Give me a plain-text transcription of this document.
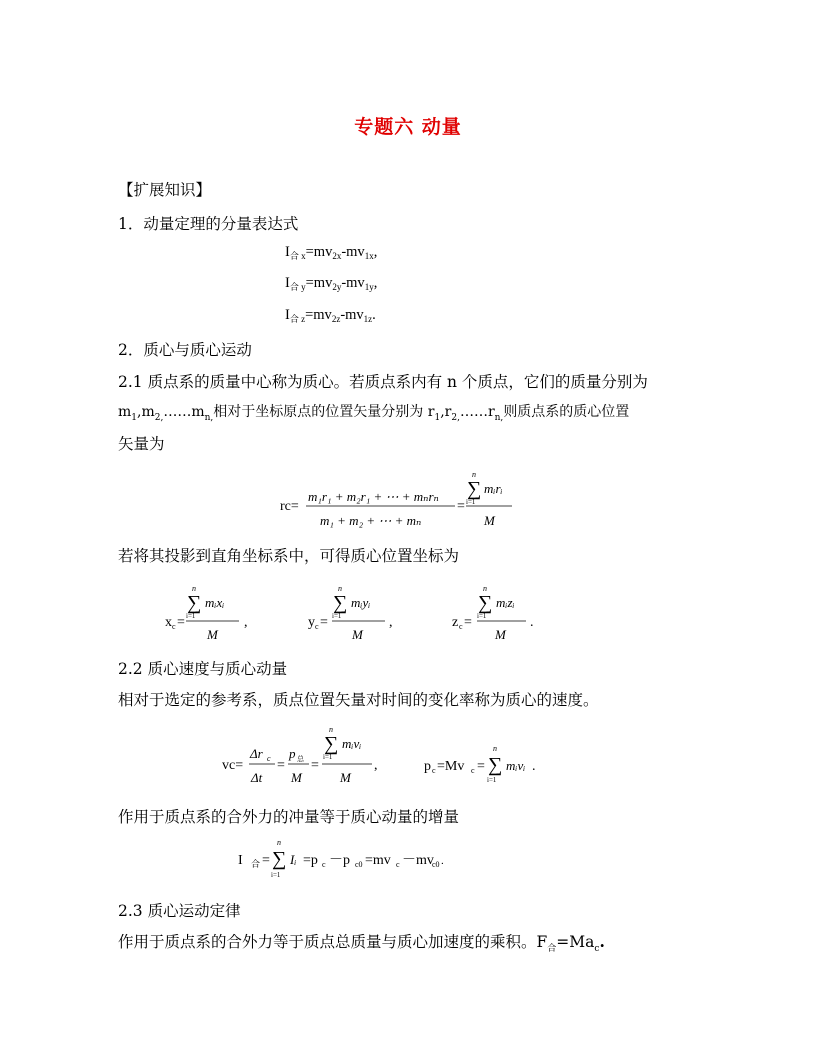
专题六 动量
【扩展知识】
1．动量定理的分量表达式
$I_{合 x}=mv_{2x}-mv_{1x}$,
$I_{合 y}=mv_{2y}-mv_{1y}$,
$I_{合 z}=mv_{2z}-mv_{1z}$.
2．质心与质心运动
2.1 质点系的质量中心称为质心。若质点系内有 n 个质点，它们的质量分别为
$m_1,m_{2,}\dots\dots m_{n,}$相对于坐标原点的位置矢量分别为 $r_1,r_{2,}\dots\dots r_{n,}$则质点系的质心位置
矢量为
rc=
m₁r₁ + m₂r₁ + ⋯ + mₙrₙ
m₁ + m₂ + ⋯ + mₙ
=
n
∑
i=1
mᵢrᵢ
M
若将其投影到直角坐标系中，可得质心位置坐标为
x c =
n
∑
i=1
mᵢxᵢ
M
,	y c =
n
∑
i=1
mᵢyᵢ
M
,	z c =
n
∑
i=1
mᵢzᵢ
M
.
2.2 质心速度与质心动量
相对于选定的参考系，质点位置矢量对时间的变化率称为质心的速度。
vc=
Δr c
Δt
=
p 总
M
=
n
∑
i=1
mᵢvᵢ
M
,	p c =Mv c =
n
∑
i=1
mᵢvᵢ .
作用于质点系的合外力的冲量等于质心动量的增量
I 合 =
n
∑
i=1
Iᵢ =p c －p c0 =mv c －mv
c0 .
2.3 质心运动定律
作用于质点系的合外力等于质点总质量与质心加速度的乘积。$F_合=Ma_c$.
